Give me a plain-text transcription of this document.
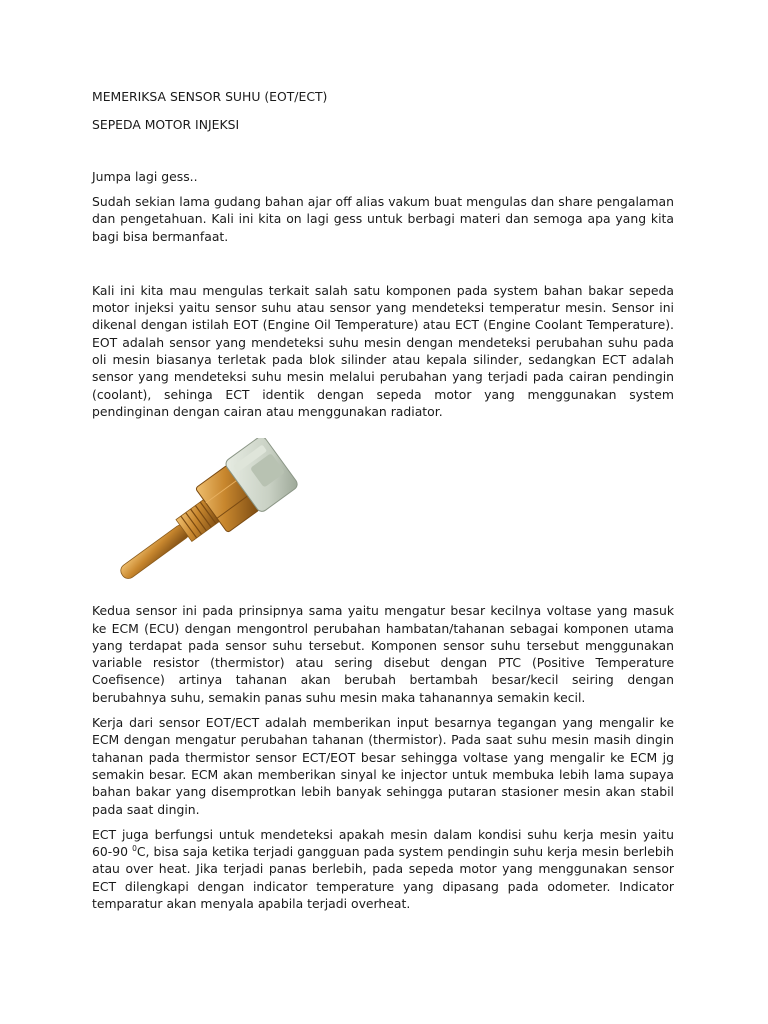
MEMERIKSA SENSOR SUHU (EOT/ECT)

SEPEDA MOTOR INJEKSI

Jumpa lagi gess..

Sudah sekian lama gudang bahan ajar off alias vakum buat mengulas dan share pengalaman dan pengetahuan. Kali ini kita on lagi gess untuk berbagi materi dan semoga apa yang kita bagi bisa bermanfaat.

Kali ini kita mau mengulas terkait salah satu komponen pada system bahan bakar sepeda motor injeksi yaitu sensor suhu atau sensor yang mendeteksi temperatur mesin. Sensor ini dikenal dengan istilah EOT (Engine Oil Temperature) atau ECT (Engine Coolant Temperature). EOT adalah sensor yang mendeteksi suhu mesin dengan mendeteksi perubahan suhu pada oli mesin biasanya terletak pada blok silinder atau kepala silinder, sedangkan ECT adalah sensor yang mendeteksi suhu mesin melalui perubahan yang terjadi pada cairan pendingin (coolant), sehinga ECT identik dengan sepeda motor yang menggunakan system pendinginan dengan cairan atau menggunakan radiator.

Kedua sensor ini pada prinsipnya sama yaitu mengatur besar kecilnya voltase yang masuk ke ECM (ECU) dengan mengontrol perubahan hambatan/tahanan sebagai komponen utama yang terdapat pada sensor suhu tersebut. Komponen sensor suhu tersebut menggunakan variable resistor (thermistor) atau sering disebut dengan PTC (Positive Temperature Coefisence) artinya tahanan akan berubah bertambah besar/kecil seiring dengan berubahnya suhu, semakin panas suhu mesin maka tahanannya semakin kecil.

Kerja dari sensor EOT/ECT adalah memberikan input besarnya tegangan yang mengalir ke ECM dengan mengatur perubahan tahanan (thermistor). Pada saat suhu mesin masih dingin tahanan pada thermistor sensor ECT/EOT besar sehingga voltase yang mengalir ke ECM jg semakin besar. ECM akan memberikan sinyal ke injector untuk membuka lebih lama supaya bahan bakar yang disemprotkan lebih banyak sehingga putaran stasioner mesin akan stabil pada saat dingin.

ECT juga berfungsi untuk mendeteksi apakah mesin dalam kondisi suhu kerja mesin yaitu 60-90 $^0$C, bisa saja ketika terjadi gangguan pada system pendingin suhu kerja mesin berlebih atau over heat. Jika terjadi panas berlebih, pada sepeda motor yang menggunakan sensor ECT dilengkapi dengan indicator temperature yang dipasang pada odometer. Indicator temparatur akan menyala apabila terjadi overheat.
